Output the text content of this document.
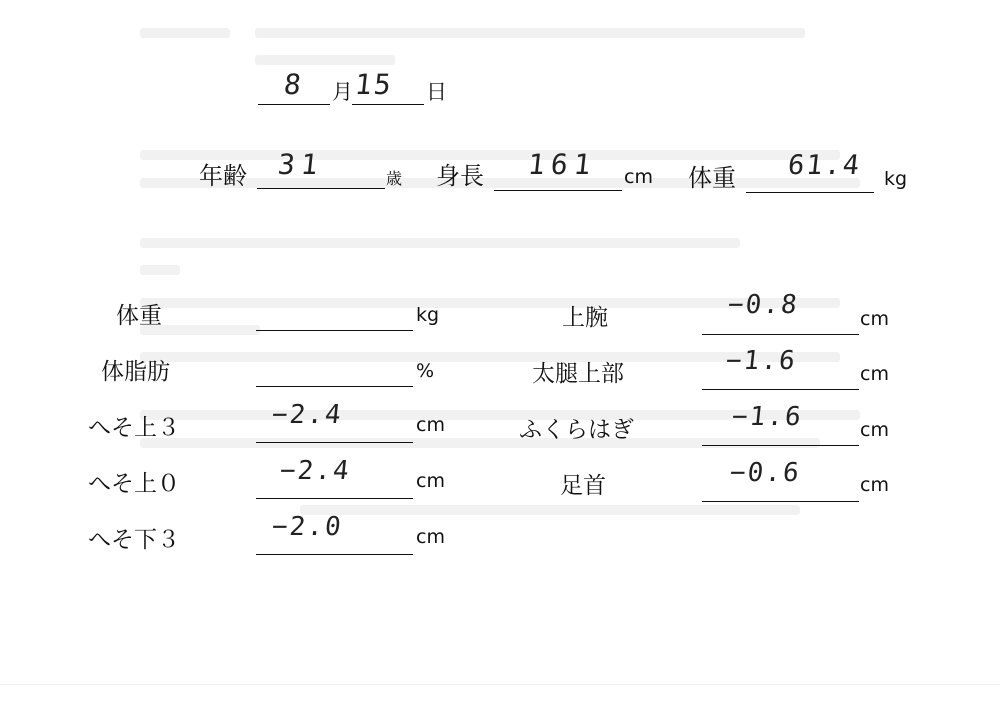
8 月 15 日
年齢 31	歳 身長 161 cm 体重 61.4 kg
体重	kg
体脂肪	%
へそ上３	−2.4	cm
へそ上０	−2.4	cm
へそ下３	−2.0	cm
上腕	−0.8	cm
太腿上部	−1.6	cm
ふくらはぎ	−1.6	cm
足首	−0.6	cm
